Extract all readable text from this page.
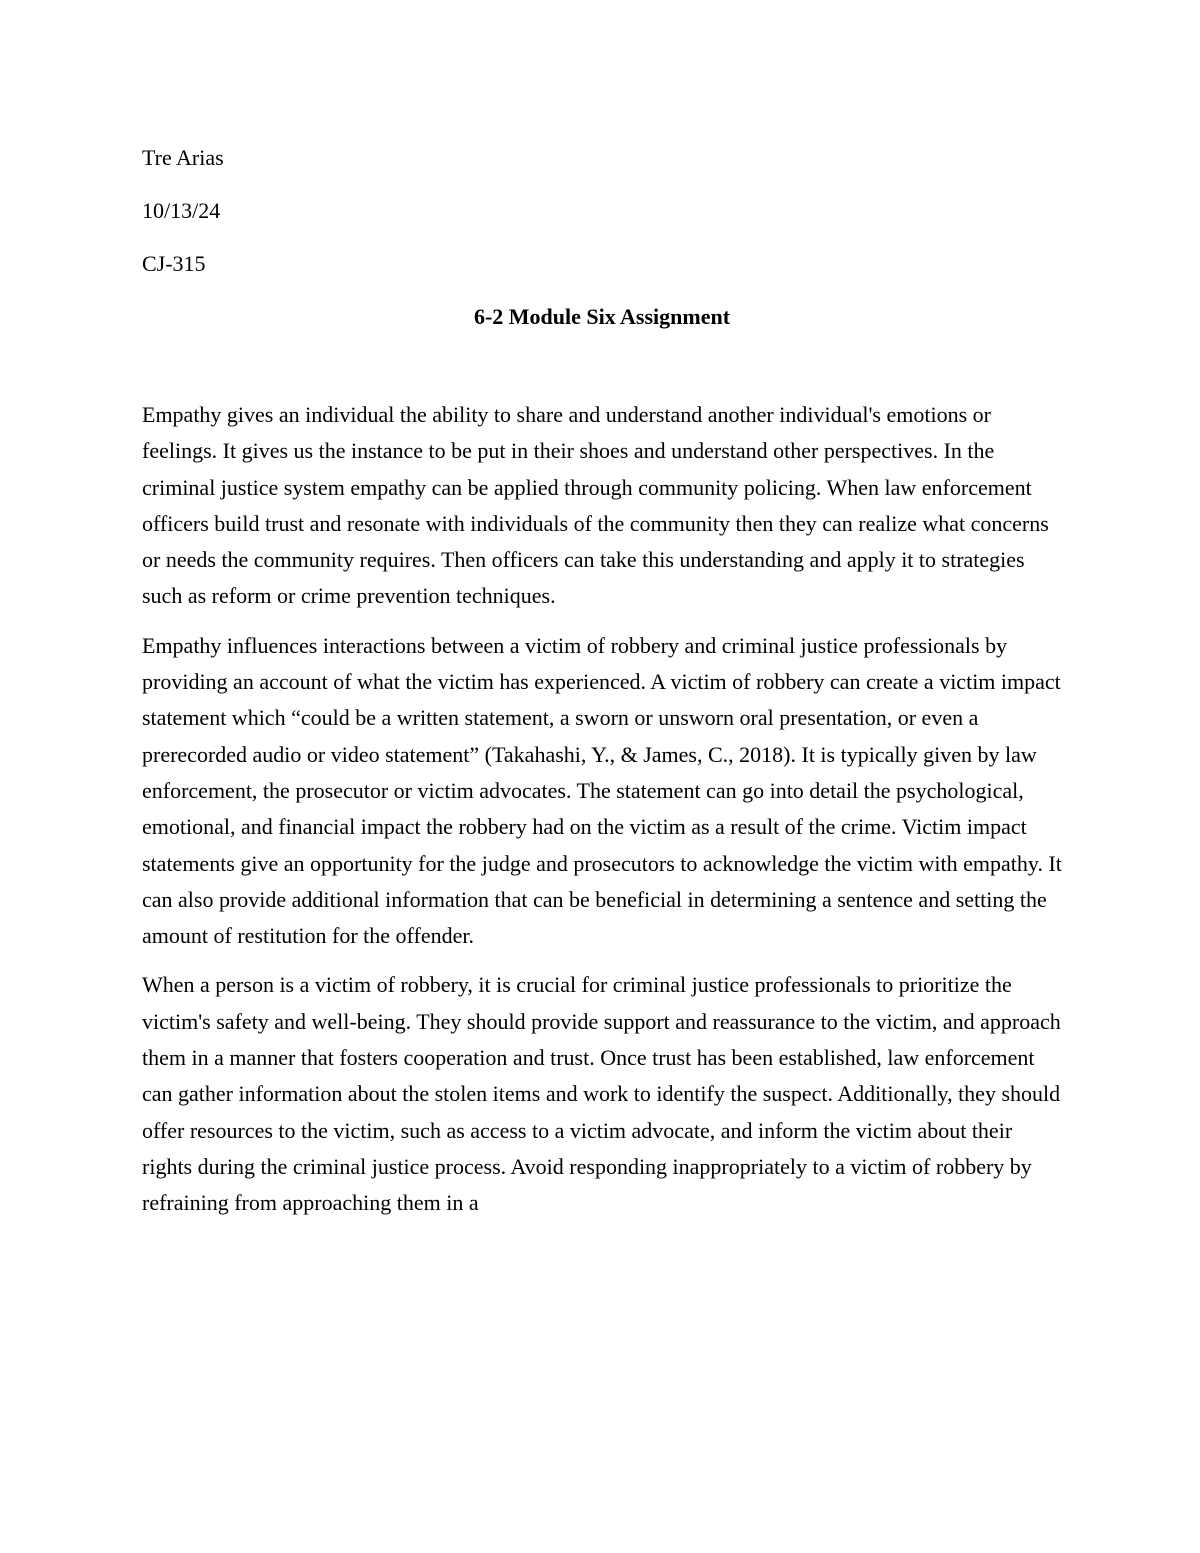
Tre Arias
10/13/24
CJ-315
6-2 Module Six Assignment

Empathy gives an individual the ability to share and understand another individual's emotions or feelings. It gives us the instance to be put in their shoes and understand other perspectives. In the criminal justice system empathy can be applied through community policing. When law enforcement officers build trust and resonate with individuals of the community then they can realize what concerns or needs the community requires. Then officers can take this understanding and apply it to strategies such as reform or crime prevention techniques.

Empathy influences interactions between a victim of robbery and criminal justice professionals by providing an account of what the victim has experienced. A victim of robbery can create a victim impact statement which “could be a written statement, a sworn or unsworn oral presentation, or even a prerecorded audio or video statement” (Takahashi, Y., & James, C., 2018). It is typically given by law enforcement, the prosecutor or victim advocates. The statement can go into detail the psychological, emotional, and financial impact the robbery had on the victim as a result of the crime. Victim impact statements give an opportunity for the judge and prosecutors to acknowledge the victim with empathy. It can also provide additional information that can be beneficial in determining a sentence and setting the amount of restitution for the offender.

When a person is a victim of robbery, it is crucial for criminal justice professionals to prioritize the victim's safety and well-being. They should provide support and reassurance to the victim, and approach them in a manner that fosters cooperation and trust. Once trust has been established, law enforcement can gather information about the stolen items and work to identify the suspect. Additionally, they should offer resources to the victim, such as access to a victim advocate, and inform the victim about their rights during the criminal justice process. Avoid responding inappropriately to a victim of robbery by refraining from approaching them in a
